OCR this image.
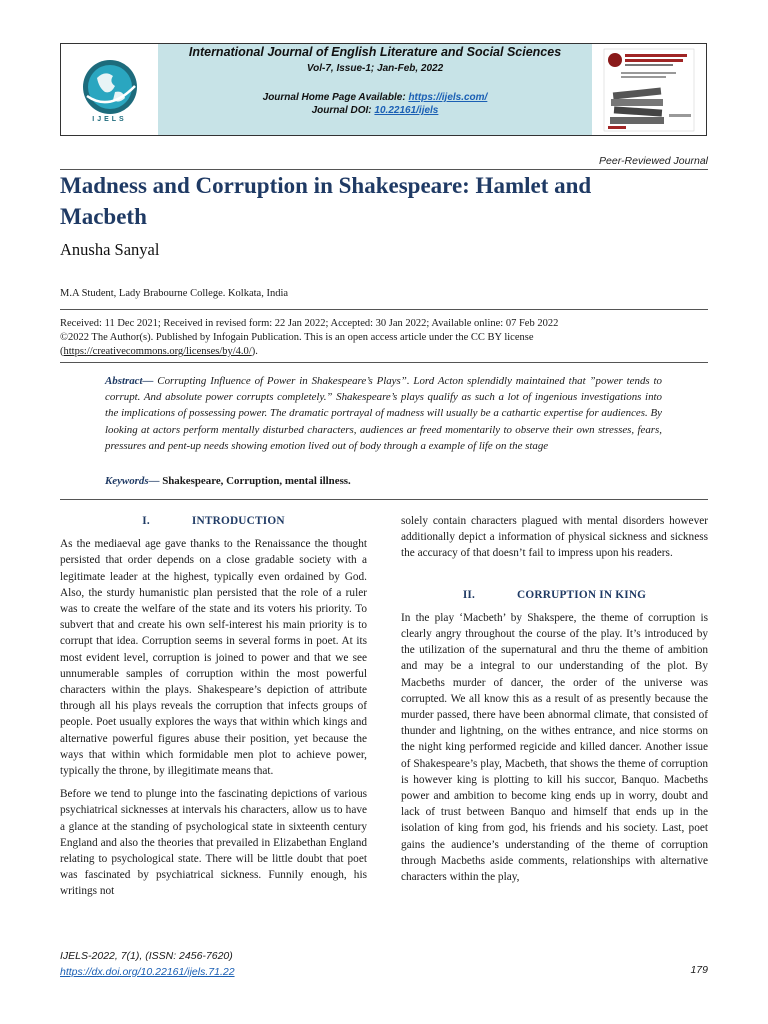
IJELS
International Journal of English Literature and Social Sciences
Vol-7, Issue-1; Jan-Feb, 2022
Journal Home Page Available: https://ijels.com/
Journal DOI: 10.22161/ijels
Peer-Reviewed Journal
Madness and Corruption in Shakespeare: Hamlet and Macbeth
Anusha Sanyal
M.A Student, Lady Brabourne College. Kolkata, India
Received: 11 Dec 2021; Received in revised form: 22 Jan 2022; Accepted: 30 Jan 2022; Available online: 07 Feb 2022
©2022 The Author(s). Published by Infogain Publication. This is an open access article under the CC BY license
(https://creativecommons.org/licenses/by/4.0/).
Abstract— Corrupting Influence of Power in Shakespeare’s Plays”. Lord Acton splendidly maintained that ”power tends to corrupt. And absolute power corrupts completely.” Shakespeare’s plays qualify as such a lot of ingenious investigations into the implications of possessing power. The dramatic portrayal of madness will usually be a cathartic expertise for audiences. By looking at actors perform mentally disturbed characters, audiences ar freed momentarily to observe their own stresses, fears, pressures and pent-up needs showing emotion lived out of body through a example of life on the stage
Keywords— Shakespeare, Corruption, mental illness.
I.	INTRODUCTION

As the mediaeval age gave thanks to the Renaissance the thought persisted that order depends on a close gradable society with a legitimate leader at the highest, typically even ordained by God. Also, the sturdy humanistic plan persisted that the role of a ruler was to create the welfare of the state and its voters his priority. To subvert that and create his own self-interest his main priority is to corrupt that idea. Corruption seems in several forms in poet. At its most evident level, corruption is joined to power and that we see unnumerable samples of corruption within the most powerful characters within the plays. Shakespeare’s depiction of attribute through all his plays reveals the corruption that infects groups of people. Poet usually explores the ways that within which kings and alternative powerful figures abuse their position, yet because the ways that within which formidable men plot to achieve power, typically the throne, by illegitimate means that.

Before we tend to plunge into the fascinating depictions of various psychiatrical sicknesses at intervals his characters, allow us to have a glance at the standing of psychological state in sixteenth century England and also the theories that prevailed in Elizabethan England relating to psychological state. There will be little doubt that poet was fascinated by psychiatrical sickness. Funnily enough, his writings not

solely contain characters plagued with mental disorders however additionally depict a information of physical sickness and sickness the accuracy of that doesn’t fail to impress upon his readers.

II.	CORRUPTION IN KING

In the play ‘Macbeth’ by Shakspere, the theme of corruption is clearly angry throughout the course of the play. It’s introduced by the utilization of the supernatural and thru the theme of ambition and may be a integral to our understanding of the plot. By Macbeths murder of dancer, the order of the universe was corrupted. We all know this as a result of as presently because the murder passed, there have been abnormal climate, that consisted of thunder and lightning, on the withes entrance, and nice storms on the night king performed regicide and killed dancer. Another issue of Shakespeare’s play, Macbeth, that shows the theme of corruption is however king is plotting to kill his succor, Banquo. Macbeths power and ambition to become king ends up in worry, doubt and lack of trust between Banquo and himself that ends up in the isolation of king from god, his friends and his society. Last, poet gains the audience’s understanding of the theme of corruption through Macbeths aside comments, relationships with alternative characters within the play,

IJELS-2022, 7(1), (ISSN: 2456-7620)
https://dx.doi.org/10.22161/ijels.71.22	179
